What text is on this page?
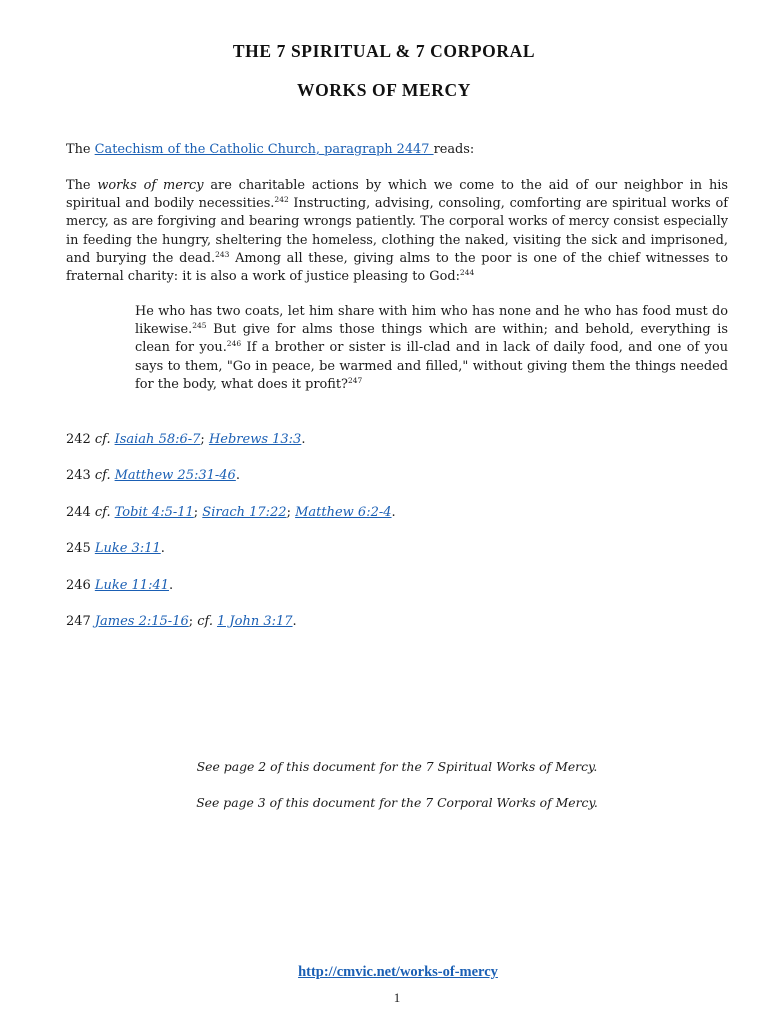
THE 7 SPIRITUAL & 7 CORPORAL
WORKS OF MERCY
The Catechism of the Catholic Church, paragraph 2447 reads:
The works of mercy are charitable actions by which we come to the aid of our neighbor in his spiritual and bodily necessities.$^{242}$ Instructing, advising, consoling, comforting are spiritual works of mercy, as are forgiving and bearing wrongs patiently. The corporal works of mercy consist especially in feeding the hungry, sheltering the homeless, clothing the naked, visiting the sick and imprisoned, and burying the dead.$^{243}$ Among all these, giving alms to the poor is one of the chief witnesses to fraternal charity: it is also a work of justice pleasing to God:$^{244}$
He who has two coats, let him share with him who has none and he who has food must do likewise.$^{245}$ But give for alms those things which are within; and behold, everything is clean for you.$^{246}$ If a brother or sister is ill-clad and in lack of daily food, and one of you says to them, "Go in peace, be warmed and filled," without giving them the things needed for the body, what does it profit?$^{247}$
242 cf. Isaiah 58:6-7; Hebrews 13:3.
243 cf. Matthew 25:31-46.
244 cf. Tobit 4:5-11; Sirach 17:22; Matthew 6:2-4.
245 Luke 3:11.
246 Luke 11:41.
247 James 2:15-16; cf. 1 John 3:17.
See page 2 of this document for the 7 Spiritual Works of Mercy.
See page 3 of this document for the 7 Corporal Works of Mercy.
http://cmvic.net/works-of-mercy
1
